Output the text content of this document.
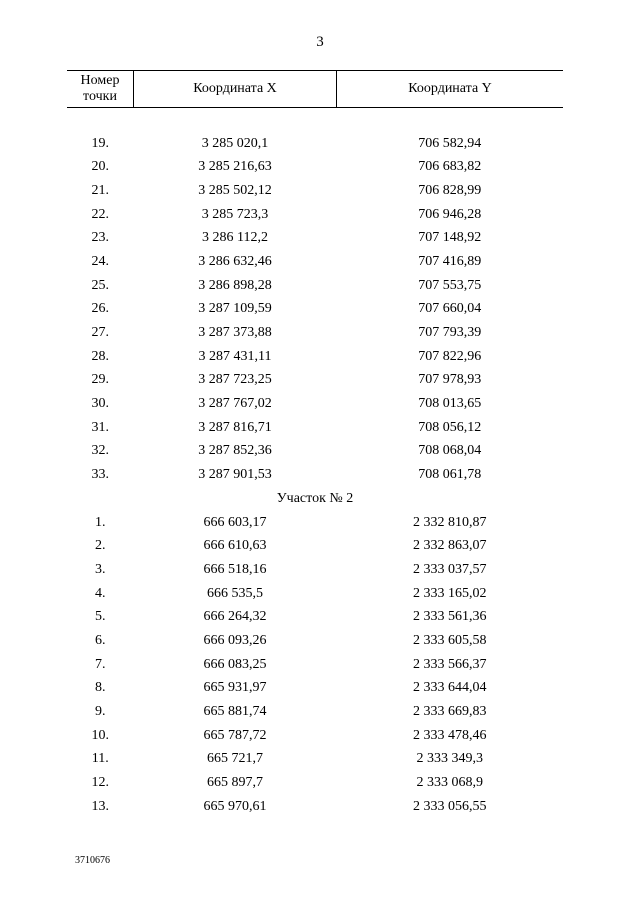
3
Номер точки	Координата X	Координата Y

19.	3 285 020,1	706 582,94
20.	3 285 216,63	706 683,82
21.	3 285 502,12	706 828,99
22.	3 285 723,3	706 946,28
23.	3 286 112,2	707 148,92
24.	3 286 632,46	707 416,89
25.	3 286 898,28	707 553,75
26.	3 287 109,59	707 660,04
27.	3 287 373,88	707 793,39
28.	3 287 431,11	707 822,96
29.	3 287 723,25	707 978,93
30.	3 287 767,02	708 013,65
31.	3 287 816,71	708 056,12
32.	3 287 852,36	708 068,04
33.	3 287 901,53	708 061,78
Участок № 2		
1.	666 603,17	2 332 810,87
2.	666 610,63	2 332 863,07
3.	666 518,16	2 333 037,57
4.	666 535,5	2 333 165,02
5.	666 264,32	2 333 561,36
6.	666 093,26	2 333 605,58
7.	666 083,25	2 333 566,37
8.	665 931,97	2 333 644,04
9.	665 881,74	2 333 669,83
10.	665 787,72	2 333 478,46
11.	665 721,7	2 333 349,3
12.	665 897,7	2 333 068,9
13.	665 970,61	2 333 056,55
3710676
